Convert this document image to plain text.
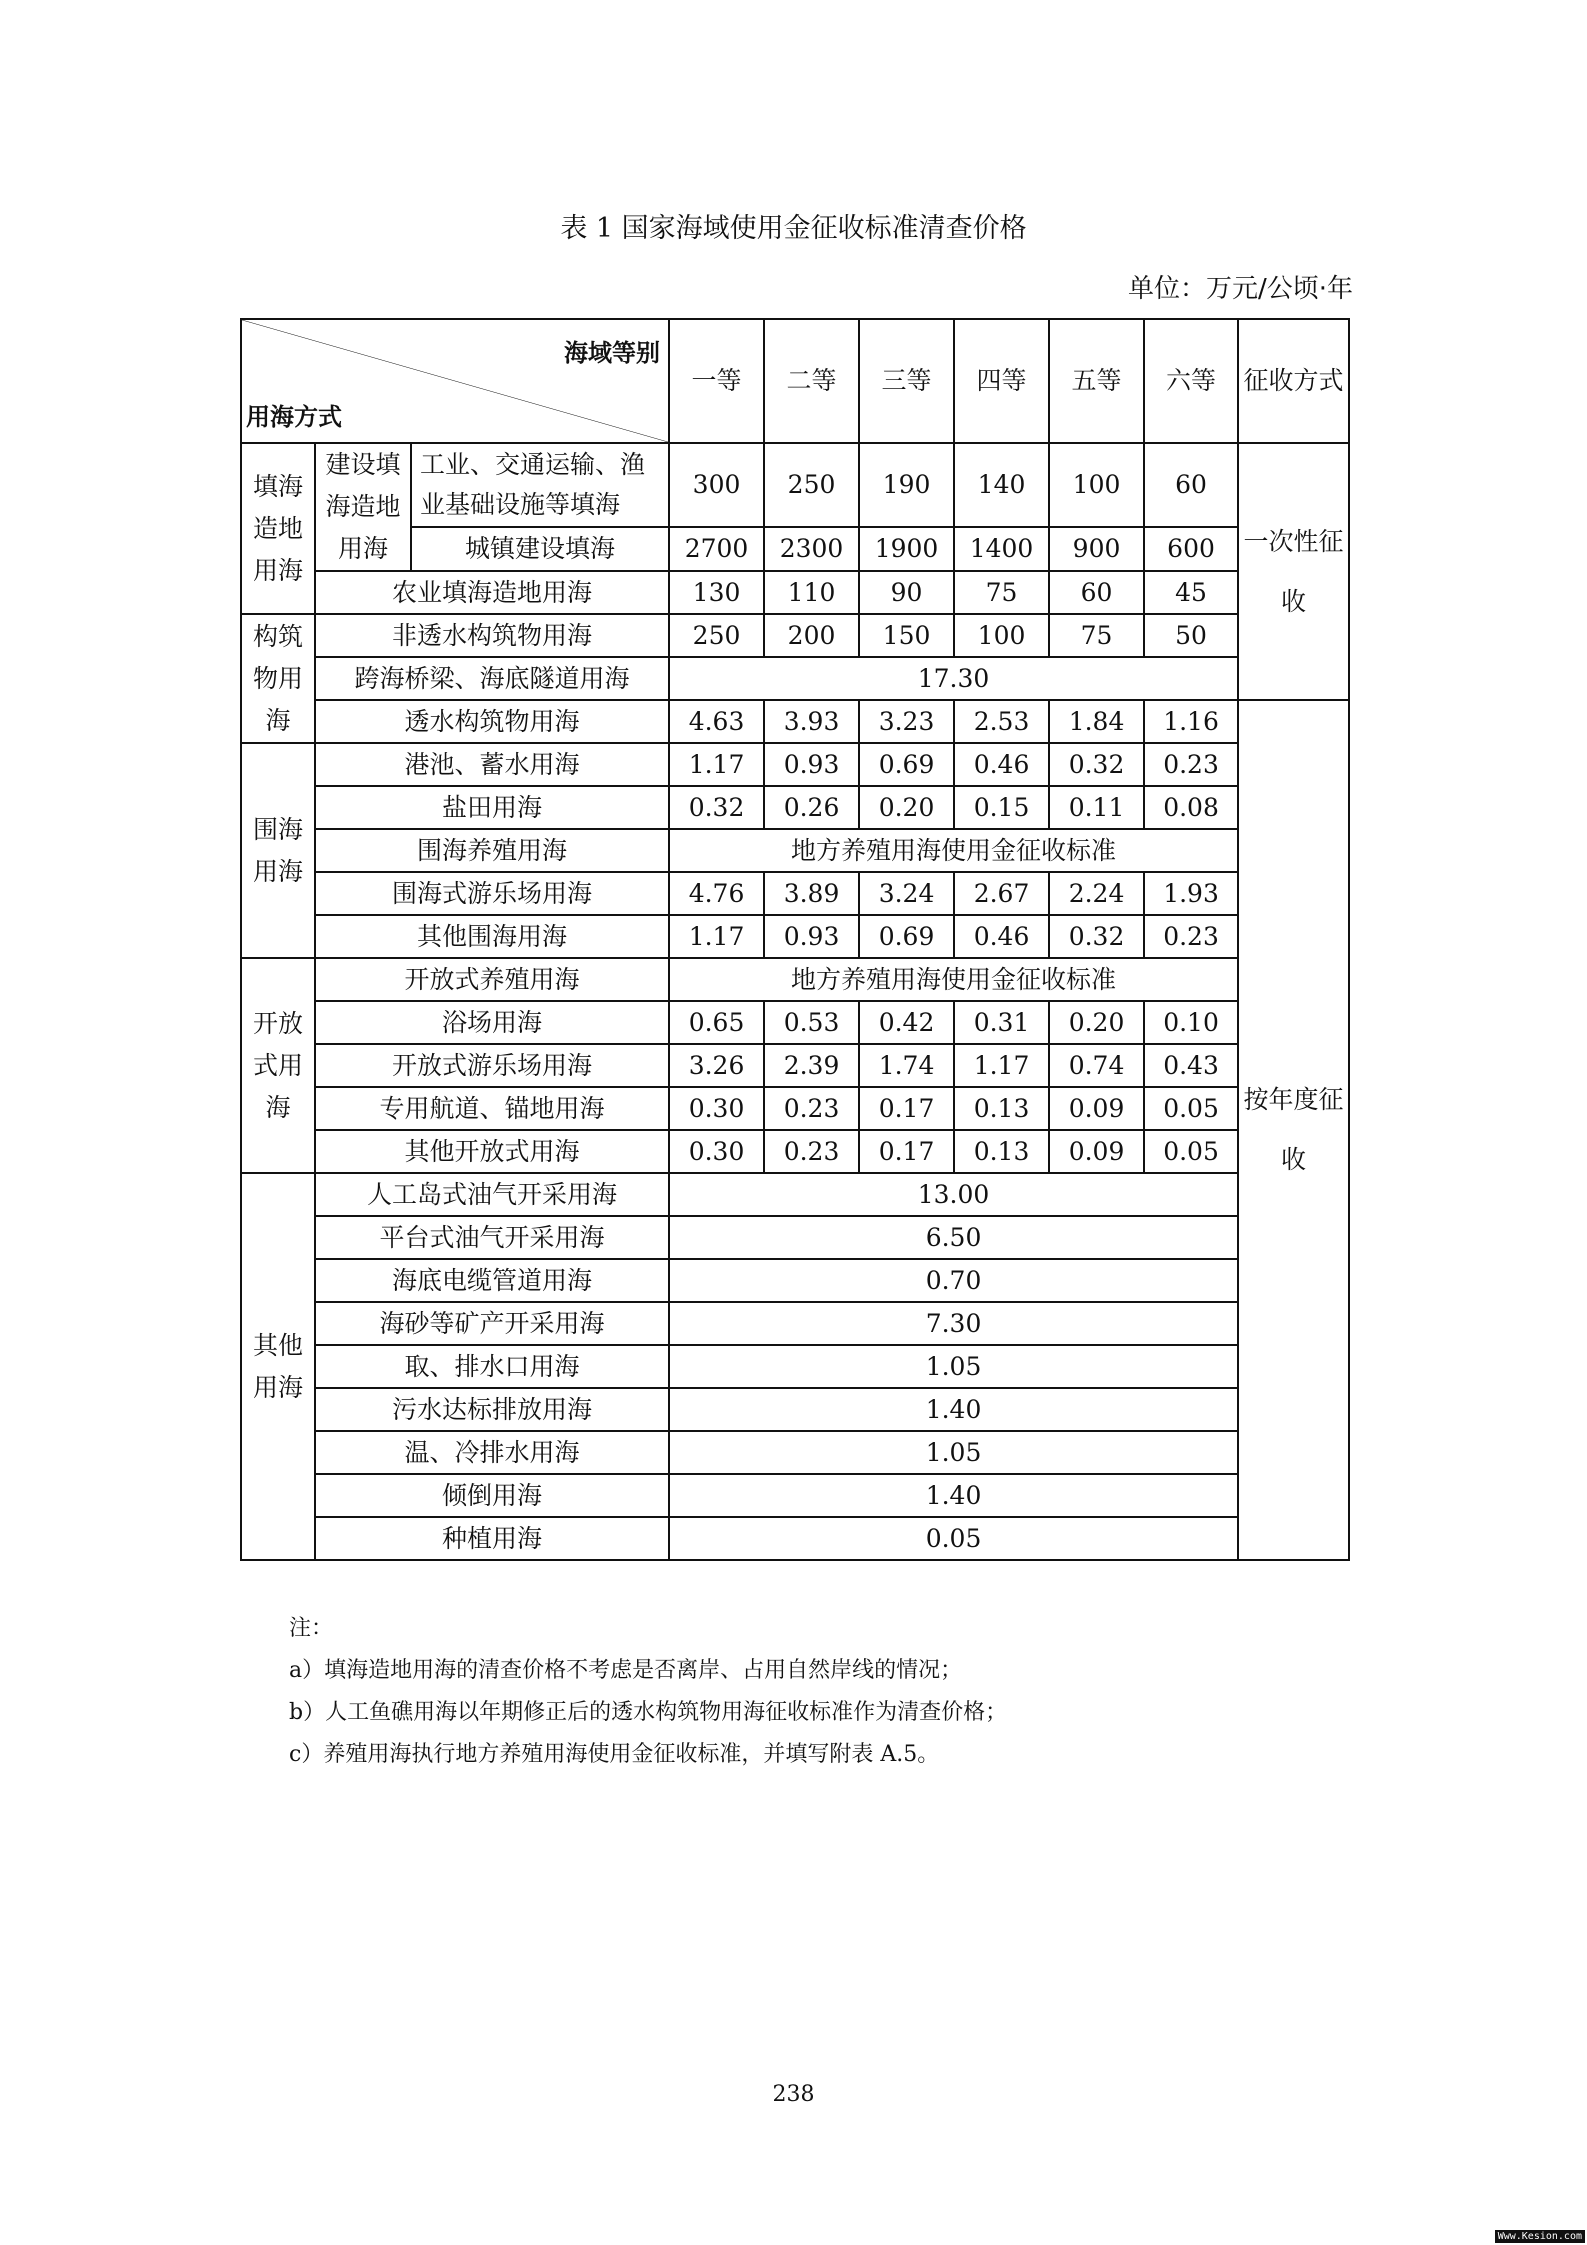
表 1 国家海域使用金征收标准清查价格
单位：万元/公顷·年
海域等别
用海方式			一等	二等	三等	四等	五等	六等	征收方式
填海造地用海	建设填海造地用海	工业、交通运输、渔业基础设施等填海	300	250	190	140	100	60	一次性征收
		城镇建设填海	2700	2300	1900	1400	900	600	
	农业填海造地用海		130	110	90	75	60	45	
构筑物用海	非透水构筑物用海		250	200	150	100	75	50	
	跨海桥梁、海底隧道用海		17.30						
	透水构筑物用海		4.63	3.93	3.23	2.53	1.84	1.16	按年度征收
围海用海	港池、蓄水用海		1.17	0.93	0.69	0.46	0.32	0.23	
	盐田用海		0.32	0.26	0.20	0.15	0.11	0.08	
	围海养殖用海		地方养殖用海使用金征收标准						
	围海式游乐场用海		4.76	3.89	3.24	2.67	2.24	1.93	
	其他围海用海		1.17	0.93	0.69	0.46	0.32	0.23	
开放式用海	开放式养殖用海		地方养殖用海使用金征收标准						
	浴场用海		0.65	0.53	0.42	0.31	0.20	0.10	
	开放式游乐场用海		3.26	2.39	1.74	1.17	0.74	0.43	
	专用航道、锚地用海		0.30	0.23	0.17	0.13	0.09	0.05	
	其他开放式用海		0.30	0.23	0.17	0.13	0.09	0.05	
其他用海	人工岛式油气开采用海		13.00						
	平台式油气开采用海		6.50						
	海底电缆管道用海		0.70						
	海砂等矿产开采用海		7.30						
	取、排水口用海		1.05						
	污水达标排放用海		1.40						
	温、冷排水用海		1.05						
	倾倒用海		1.40						
	种植用海		0.05						
注：
a）填海造地用海的清查价格不考虑是否离岸、占用自然岸线的情况；
b）人工鱼礁用海以年期修正后的透水构筑物用海征收标准作为清查价格；
c）养殖用海执行地方养殖用海使用金征收标准，并填写附表 A.5。
238
Www.Kesion.com
